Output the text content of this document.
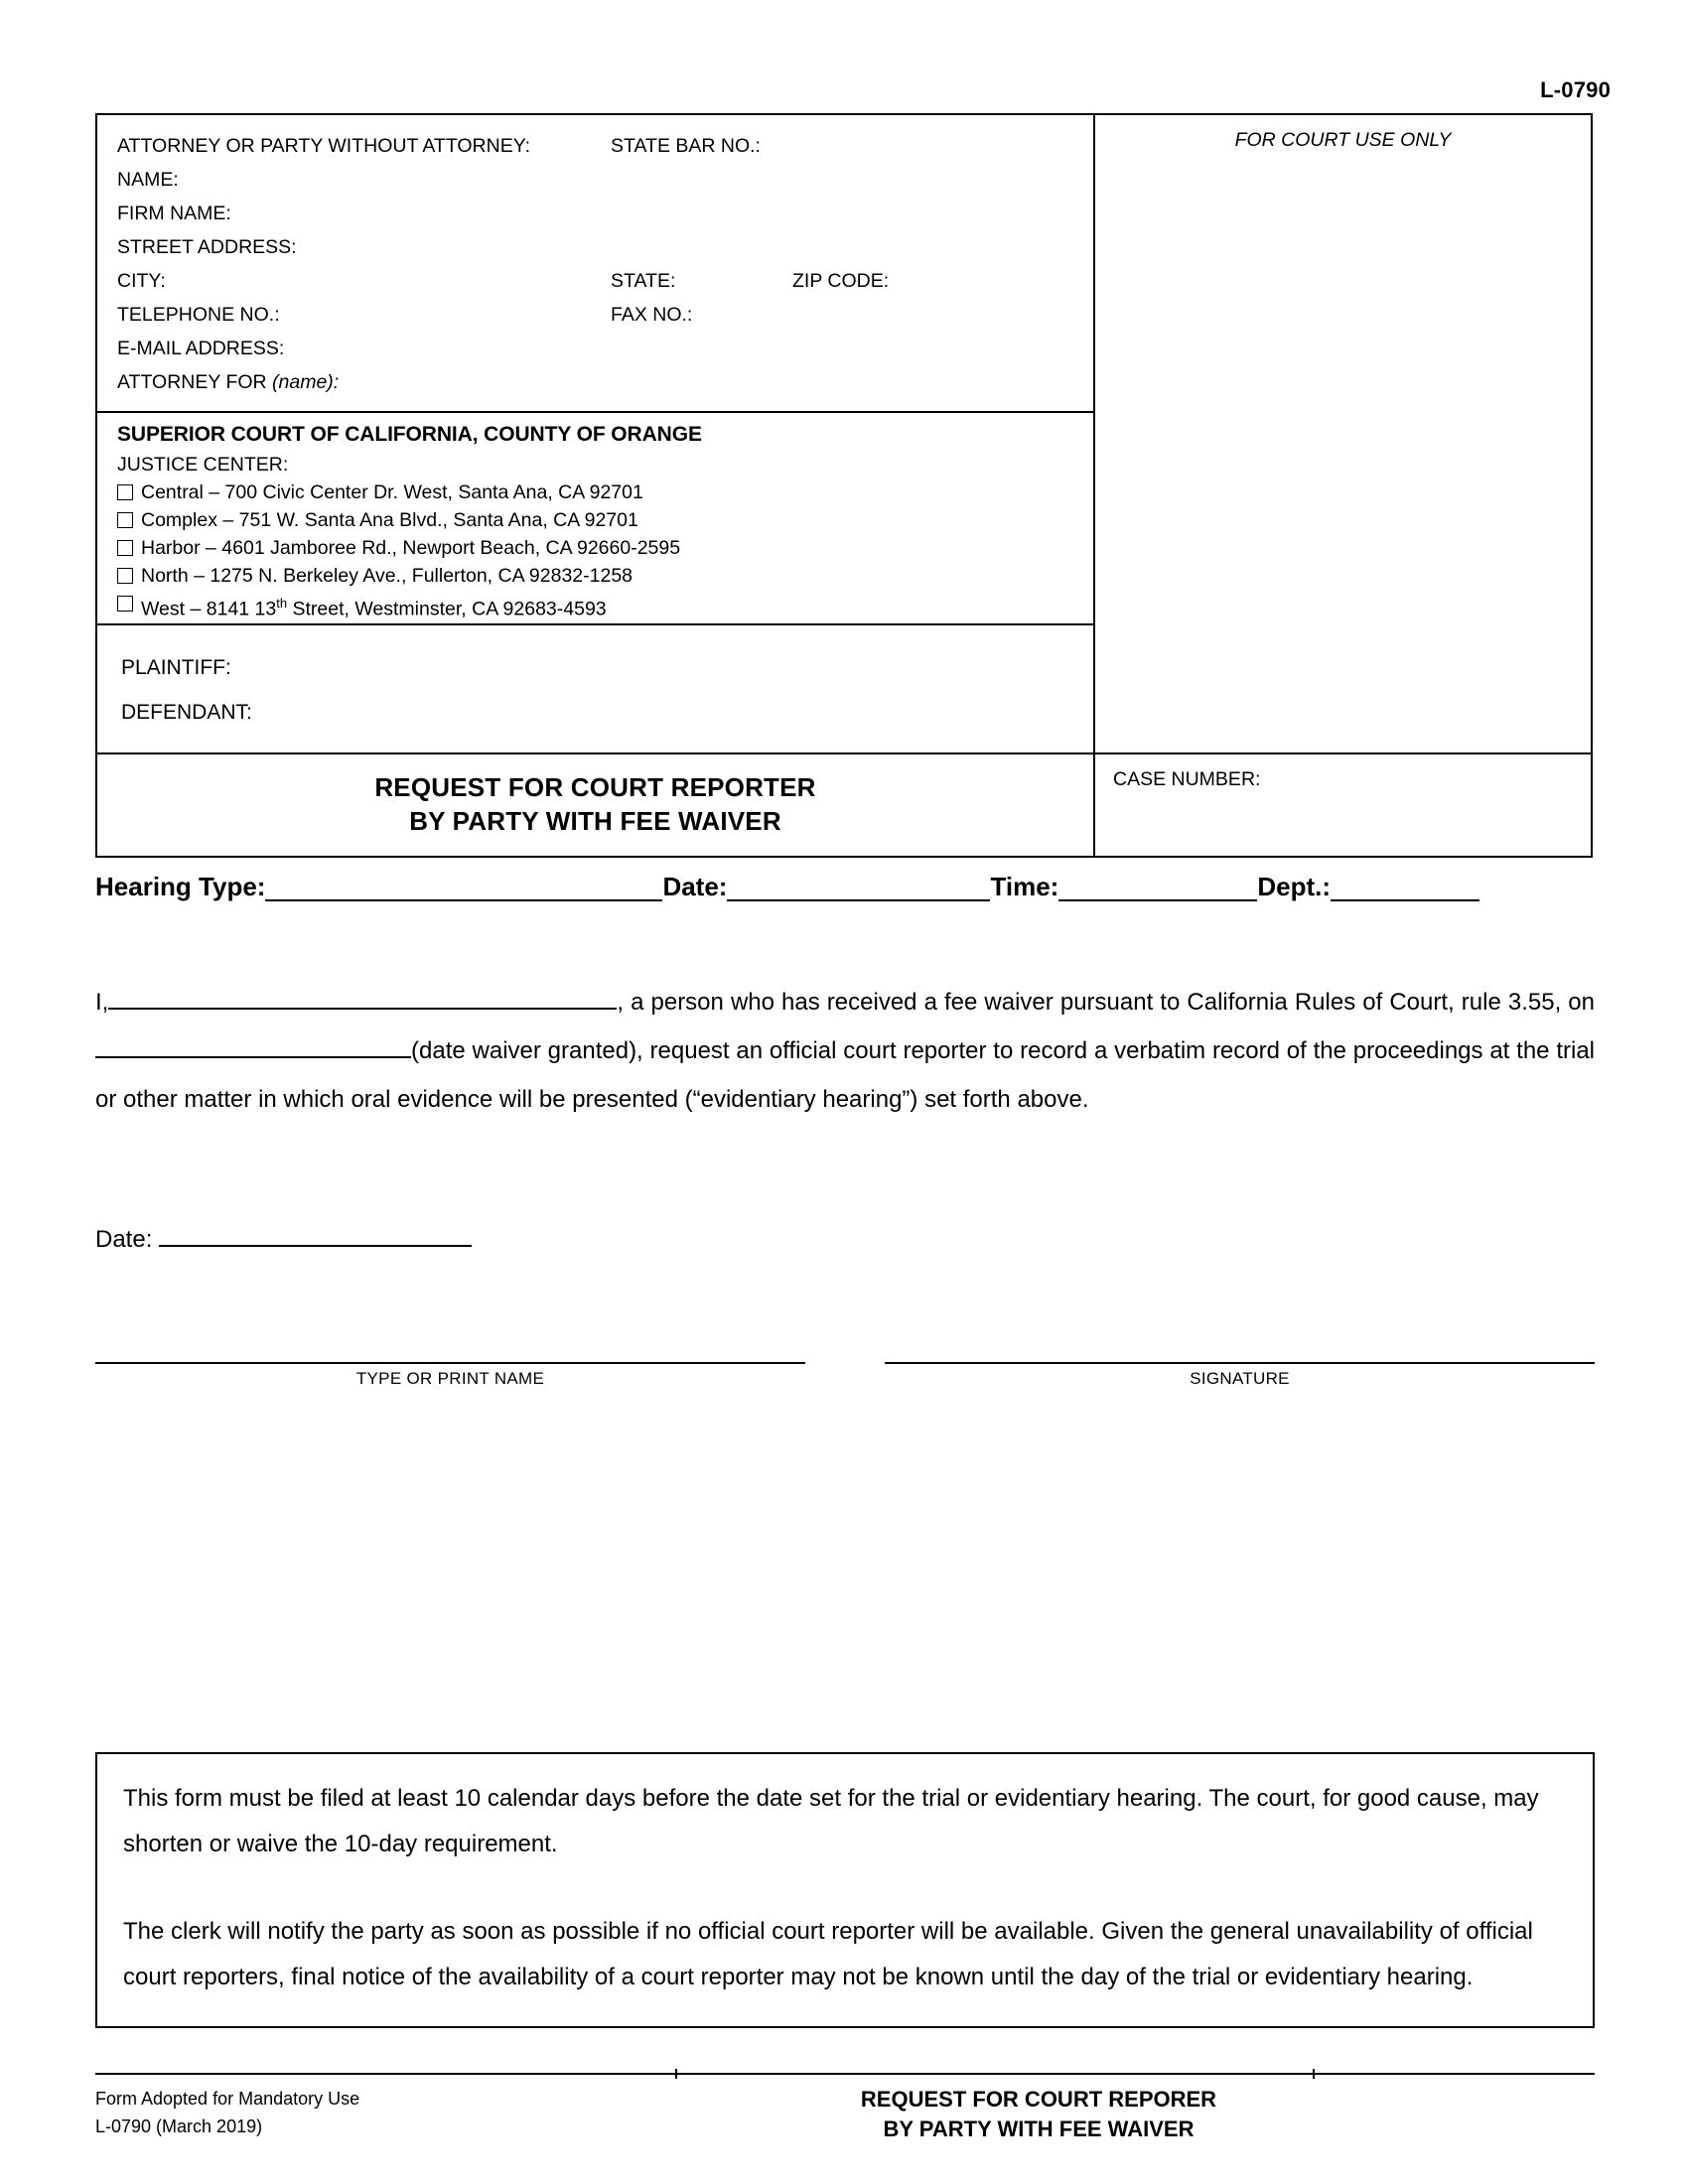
L-0790
ATTORNEY OR PARTY WITHOUT ATTORNEY:	STATE BAR NO.:
NAME:
FIRM NAME:
STREET ADDRESS:
CITY:	STATE:	ZIP CODE:
TELEPHONE NO.:	FAX NO.:
E-MAIL ADDRESS:
ATTORNEY FOR (name):
SUPERIOR COURT OF CALIFORNIA, COUNTY OF ORANGE
JUSTICE CENTER:
Central – 700 Civic Center Dr. West, Santa Ana, CA 92701
Complex – 751 W. Santa Ana Blvd., Santa Ana, CA 92701
Harbor – 4601 Jamboree Rd., Newport Beach, CA 92660-2595
North – 1275 N. Berkeley Ave., Fullerton, CA 92832-1258
West – 8141 13th Street, Westminster, CA 92683-4593
PLAINTIFF:
DEFENDANT:
REQUEST FOR COURT REPORTER
BY PARTY WITH FEE WAIVER
FOR COURT USE ONLY
CASE NUMBER:
Hearing Type:	Date:	Time:	Dept.:
I,	, a person who has received a fee waiver pursuant to California Rules of Court, rule 3.55, on(date waiver granted), request an official court reporter to record a verbatim record of the proceedings at the trial or other matter in which oral evidence will be presented (“evidentiary hearing”) set forth above.
Date:
TYPE OR PRINT NAME	SIGNATURE

This form must be filed at least 10 calendar days before the date set for the trial or evidentiary hearing. The court, for good cause, may shorten or waive the 10-day requirement.

The clerk will notify the party as soon as possible if no official court reporter will be available. Given the general unavailability of official court reporters, final notice of the availability of a court reporter may not be known until the day of the trial or evidentiary hearing.

Form Adopted for Mandatory Use
L-0790 (March 2019)
REQUEST FOR COURT REPORER
BY PARTY WITH FEE WAIVER
